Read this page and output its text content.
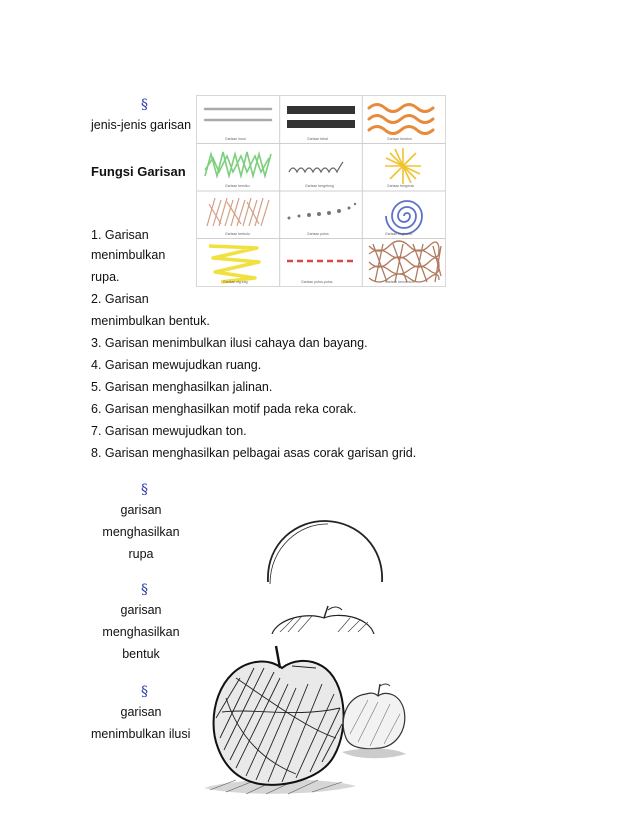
§
jenis-jenis garisan
Fungsi Garisan
Garisan lurus	Garisan tebal	Garisan beralun
Garisan bersiku	Garisan bergelung	Garisan bergerak
Garisan berbulu	Garisan putus	Garisan lingkaran
Garisan zig-zag	Garisan putus-putus	Garisan bercantum
1. Garisan
menimbulkan
rupa.
2. Garisan
menimbulkan bentuk.
3. Garisan menimbulkan ilusi cahaya dan bayang.
4. Garisan mewujudkan ruang.
5. Garisan menghasilkan jalinan.
6. Garisan menghasilkan motif pada reka corak.
7. Garisan mewujudkan ton.
8. Garisan menghasilkan pelbagai asas corak garisan grid.
§
garisan
menghasilkan
rupa
§
garisan
menghasilkan
bentuk
§
garisan
menimbulkan ilusi
